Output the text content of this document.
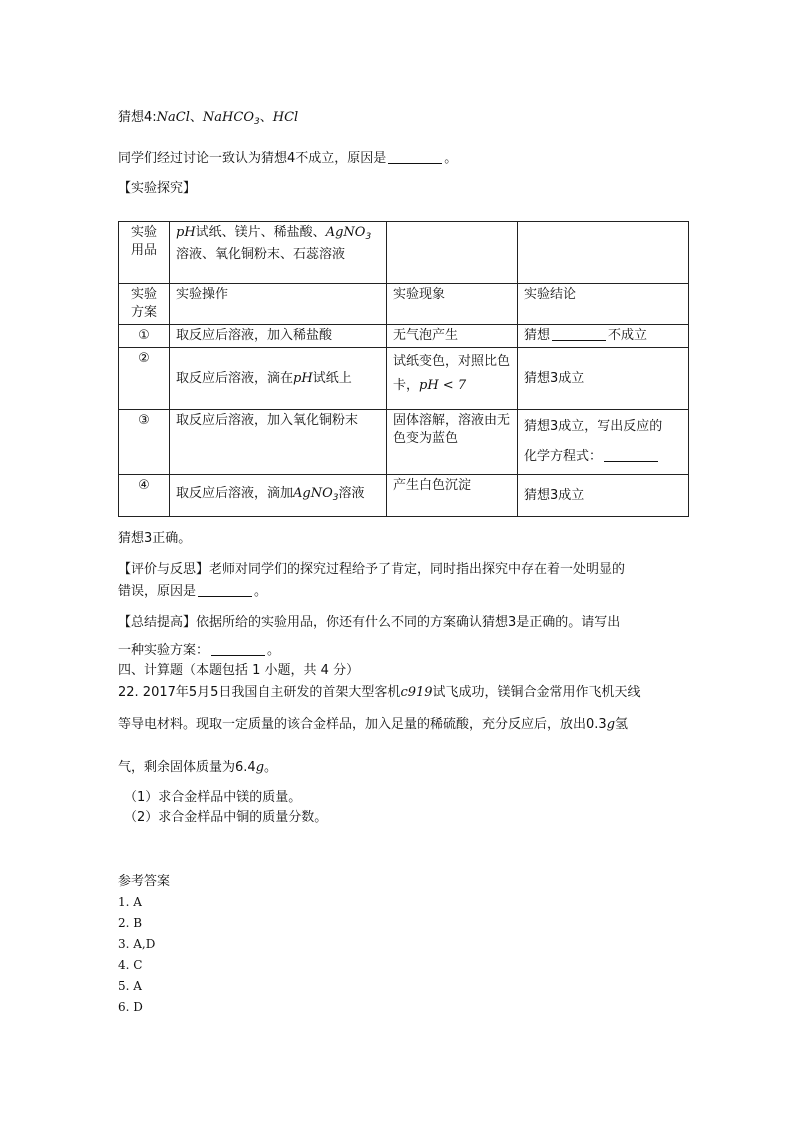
猜想4:NaCl、NaHCO$_3$、HCl
同学们经过讨论一致认为猜想4不成立，原因是	。
【实验探究】
实验用品	pH试纸、镁片、稀盐酸、AgNO$_3$溶液、氧化铜粉末、石蕊溶液		
实验方案	实验操作	实验现象	实验结论
①	取反应后溶液，加入稀盐酸	无气泡产生	猜想 不成立
②	取反应后溶液，滴在pH试纸上	试纸变色，对照比色卡，pH < 7	猜想3成立
③	取反应后溶液，加入氧化铜粉末	固体溶解，溶液由无色变为蓝色	猜想3成立，写出反应的
化学方程式：
④	取反应后溶液，滴加AgNO$_3$溶液	产生白色沉淀	猜想3成立
猜想3正确。
【评价与反思】老师对同学们的探究过程给予了肯定，同时指出探究中存在着一处明显的
错误，原因是	。
【总结提高】依据所给的实验用品，你还有什么不同的方案确认猜想3是正确的。请写出
一种实验方案：	。
四、计算题（本题包括 1 小题，共 4 分）
22. 2017年5月5日我国自主研发的首架大型客机c919试飞成功，镁铜合金常用作飞机天线
等导电材料。现取一定质量的该合金样品，加入足量的稀硫酸，充分反应后，放出0.3g氢
气，剩余固体质量为6.4g。
（1）求合金样品中镁的质量。
（2）求合金样品中铜的质量分数。
参考答案
1. A
2. B
3. A,D
4. C
5. A
6. D
